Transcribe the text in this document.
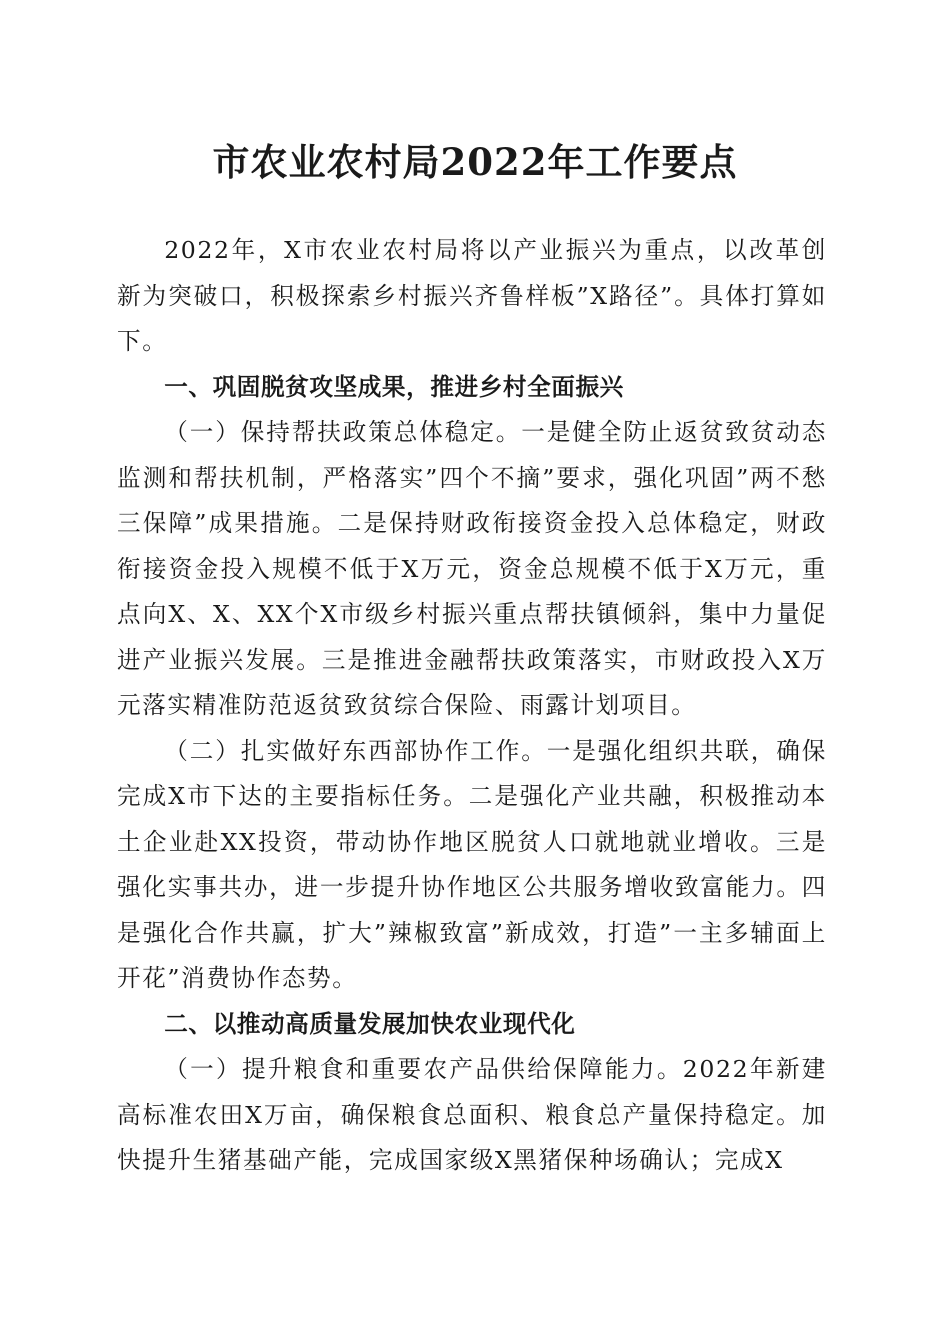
市农业农村局2022年工作要点

2022年，X市农业农村局将以产业振兴为重点，以改革创新为突破口，积极探索乡村振兴齐鲁样板”X路径”。具体打算如下。

一、巩固脱贫攻坚成果，推进乡村全面振兴

（一）保持帮扶政策总体稳定。一是健全防止返贫致贫动态监测和帮扶机制，严格落实”四个不摘”要求，强化巩固”两不愁三保障”成果措施。二是保持财政衔接资金投入总体稳定，财政衔接资金投入规模不低于X万元，资金总规模不低于X万元，重点向X、X、XX个X市级乡村振兴重点帮扶镇倾斜，集中力量促进产业振兴发展。三是推进金融帮扶政策落实，市财政投入X万元落实精准防范返贫致贫综合保险、雨露计划项目。

（二）扎实做好东西部协作工作。一是强化组织共联，确保完成X市下达的主要指标任务。二是强化产业共融，积极推动本土企业赴XX投资，带动协作地区脱贫人口就地就业增收。三是强化实事共办，进一步提升协作地区公共服务增收致富能力。四是强化合作共赢，扩大”辣椒致富”新成效，打造”一主多辅面上开花”消费协作态势。

二、以推动高质量发展加快农业现代化

（一）提升粮食和重要农产品供给保障能力。2022年新建高标准农田X万亩，确保粮食总面积、粮食总产量保持稳定。加快提升生猪基础产能，完成国家级X黑猪保种场确认；完成X
